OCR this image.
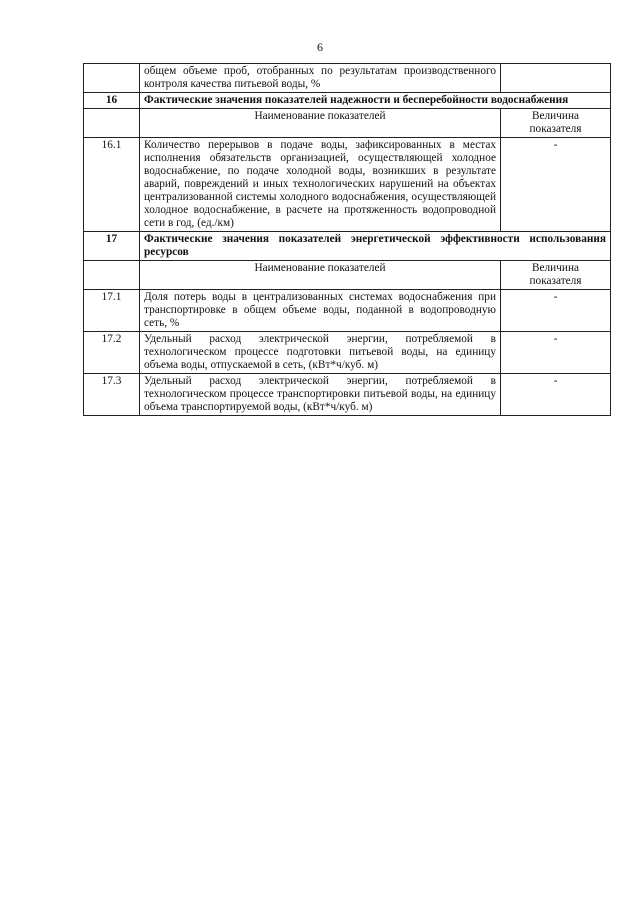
6
	общем объеме проб, отобранных по результатам производственного контроля качества питьевой воды, %	
16	Фактические значения показателей надежности и бесперебойности водоснабжения	
	Наименование показателей	Величина показателя
16.1	Количество перерывов в подаче воды, зафиксированных в местах исполнения обязательств организацией, осуществляющей холодное водоснабжение, по подаче холодной воды, возникших в результате аварий, повреждений и иных технологических нарушений на объектах централизованной системы холодного водоснабжения, осуществляющей холодное водоснабжение, в расчете на протяженность водопроводной сети в год, (ед./км)	-
17	Фактические значения показателей энергетической эффективности использования ресурсов	
	Наименование показателей	Величина показателя
17.1	Доля потерь воды в централизованных системах водоснабжения при транспортировке в общем объеме воды, поданной в водопроводную сеть, %	-
17.2	Удельный расход электрической энергии, потребляемой в технологическом процессе подготовки питьевой воды, на единицу объема воды, отпускаемой в сеть, (кВт*ч/куб. м)	-
17.3	Удельный расход электрической энергии, потребляемой в технологическом процессе транспортировки питьевой воды, на единицу объема транспортируемой воды, (кВт*ч/куб. м)	-
